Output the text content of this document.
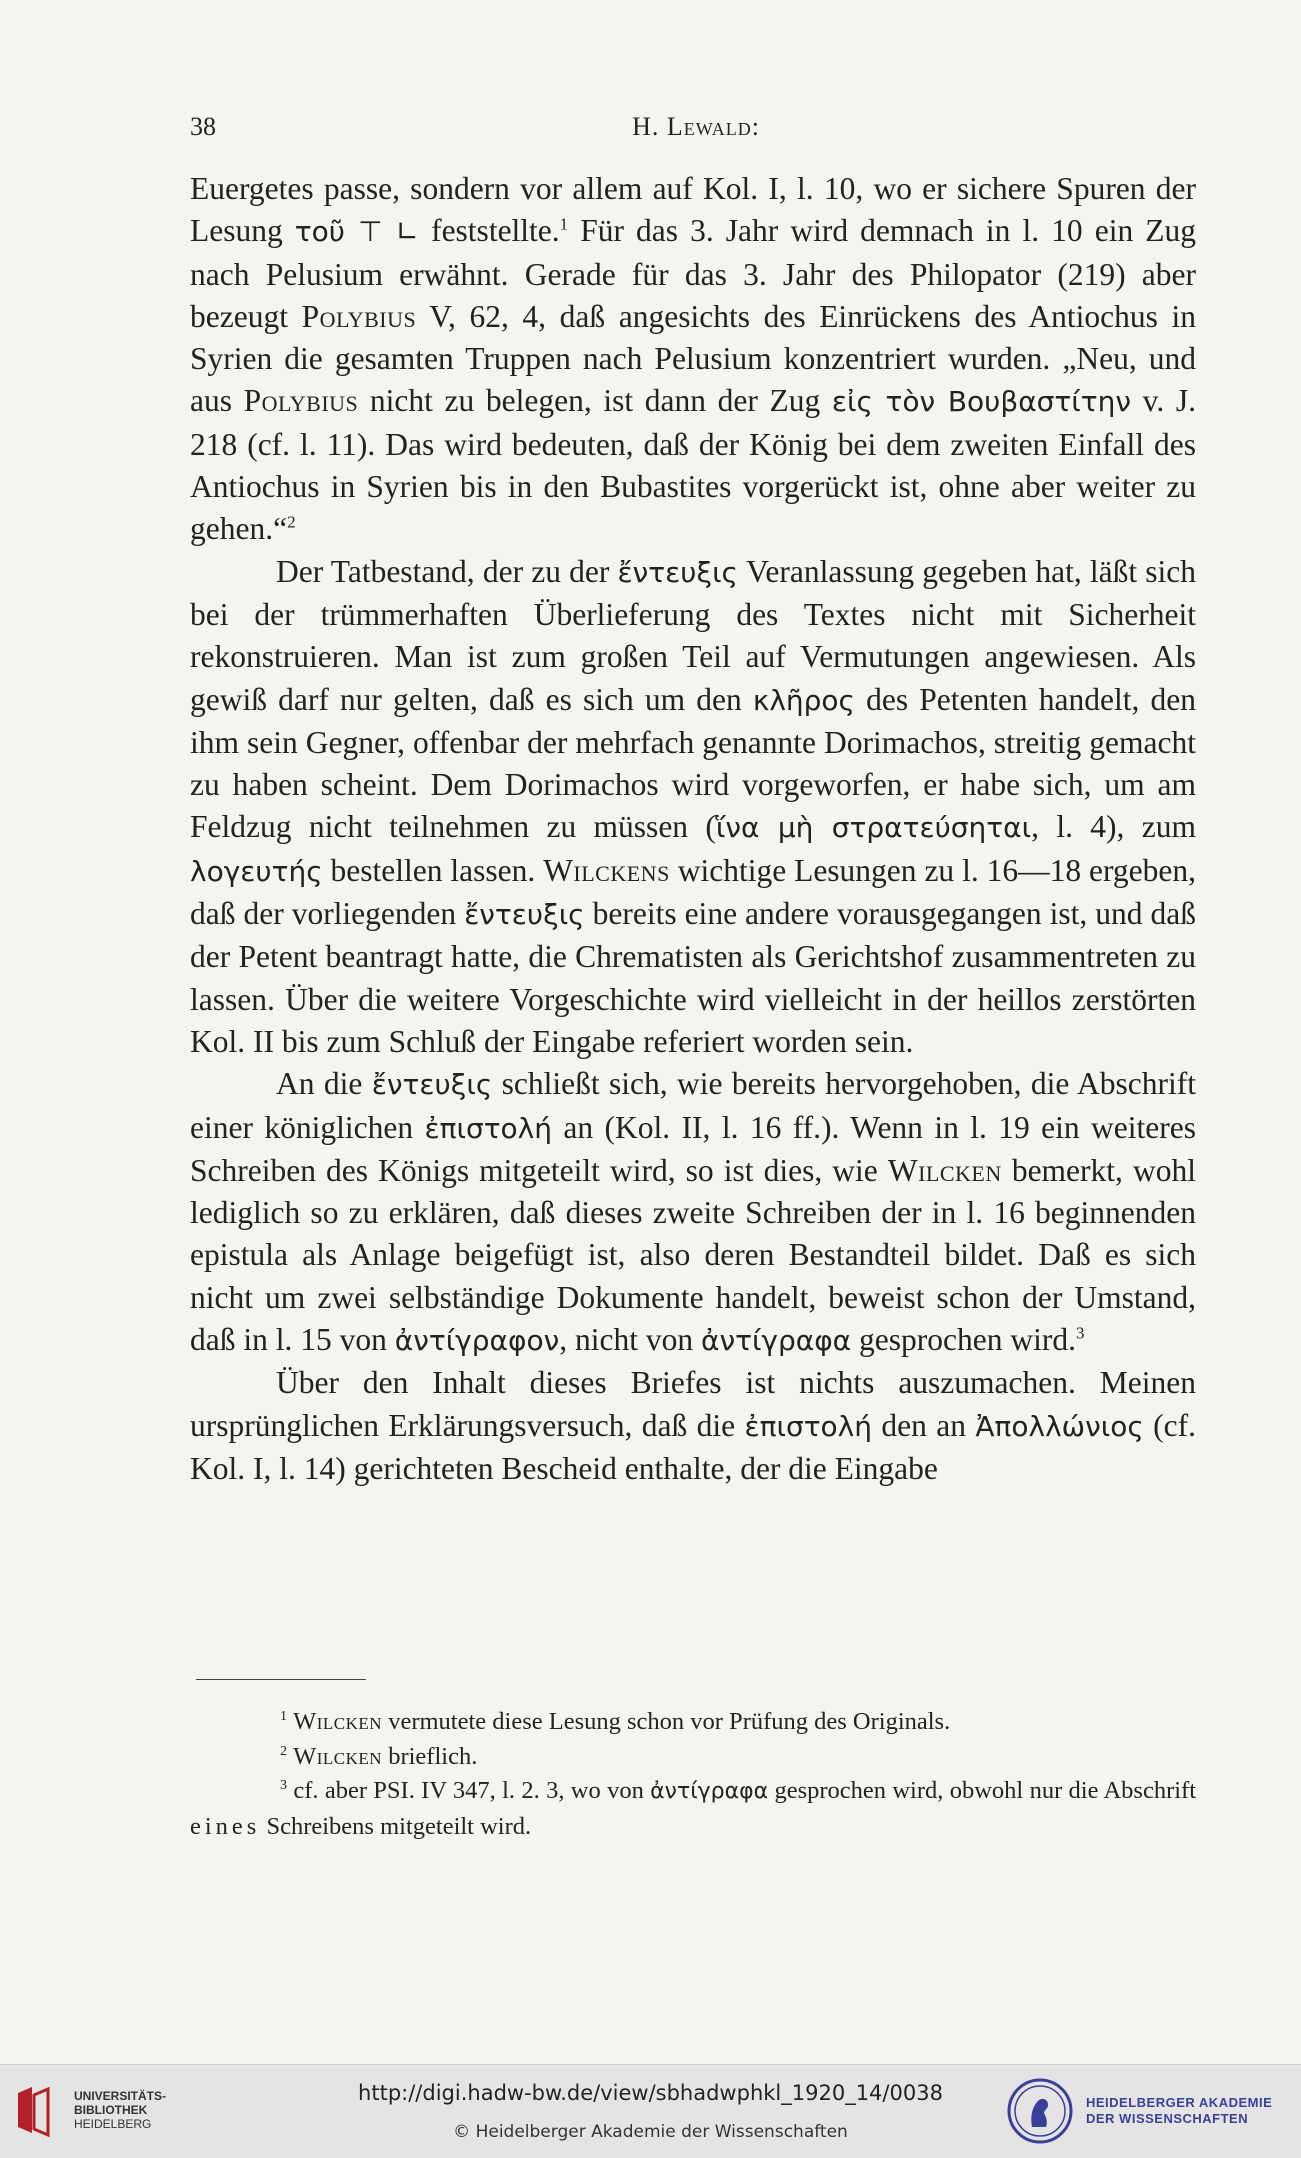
38	H. Lewald:

Euergetes passe, sondern vor allem auf Kol. I, l. 10, wo er sichere Spuren der Lesung τοῦ ⊤ ∟ feststellte.$^1$ Für das 3. Jahr wird demnach in l. 10 ein Zug nach Pelusium erwähnt. Gerade für das 3. Jahr des Philopator (219) aber bezeugt Polybius V, 62, 4, daß angesichts des Einrückens des Antiochus in Syrien die gesamten Truppen nach Pelusium konzentriert wurden. „Neu, und aus Polybius nicht zu belegen, ist dann der Zug εἰς τὸν Βουβαστίτην v. J. 218 (cf. l. 11). Das wird bedeuten, daß der König bei dem zweiten Einfall des Antiochus in Syrien bis in den Bubastites vorgerückt ist, ohne aber weiter zu gehen.“$^2$

Der Tatbestand, der zu der ἔντευξις Veranlassung gegeben hat, läßt sich bei der trümmerhaften Überlieferung des Textes nicht mit Sicherheit rekonstruieren. Man ist zum großen Teil auf Vermutungen angewiesen. Als gewiß darf nur gelten, daß es sich um den κλῆρος des Petenten handelt, den ihm sein Gegner, offenbar der mehrfach genannte Dorimachos, streitig gemacht zu haben scheint. Dem Dorimachos wird vorgeworfen, er habe sich, um am Feldzug nicht teilnehmen zu müssen (ἵνα μὴ στρατεύσηται, l. 4), zum λογευτής bestellen lassen. Wilckens wichtige Lesungen zu l. 16—18 ergeben, daß der vorliegenden ἔντευξις bereits eine andere vorausgegangen ist, und daß der Petent beantragt hatte, die Chrematisten als Gerichtshof zusammentreten zu lassen. Über die weitere Vorgeschichte wird vielleicht in der heillos zerstörten Kol. II bis zum Schluß der Eingabe referiert worden sein.

An die ἔντευξις schließt sich, wie bereits hervorgehoben, die Abschrift einer königlichen ἐπιστολή an (Kol. II, l. 16 ff.). Wenn in l. 19 ein weiteres Schreiben des Königs mitgeteilt wird, so ist dies, wie Wilcken bemerkt, wohl lediglich so zu erklären, daß dieses zweite Schreiben der in l. 16 beginnenden epistula als Anlage beigefügt ist, also deren Bestandteil bildet. Daß es sich nicht um zwei selbständige Dokumente handelt, beweist schon der Umstand, daß in l. 15 von ἀντίγραφον, nicht von ἀντίγραφα gesprochen wird.$^3$

Über den Inhalt dieses Briefes ist nichts auszumachen. Meinen ursprünglichen Erklärungsversuch, daß die ἐπιστολή den an Ἀπολλώνιος (cf. Kol. I, l. 14) gerichteten Bescheid enthalte, der die Eingabe

$^1$ Wilcken vermutete diese Lesung schon vor Prüfung des Originals.

$^2$ Wilcken brieflich.

$^3$ cf. aber PSI. IV 347, l. 2. 3, wo von ἀντίγραφα gesprochen wird, obwohl nur die Abschrift eines Schreibens mitgeteilt wird.

UNIVERSITÄTS-
BIBLIOTHEK
HEIDELBERG
http://digi.hadw-bw.de/view/sbhadwphkl_1920_14/0038
© Heidelberger Akademie der Wissenschaften
HEIDELBERGER AKADEMIE
DER WISSENSCHAFTEN
